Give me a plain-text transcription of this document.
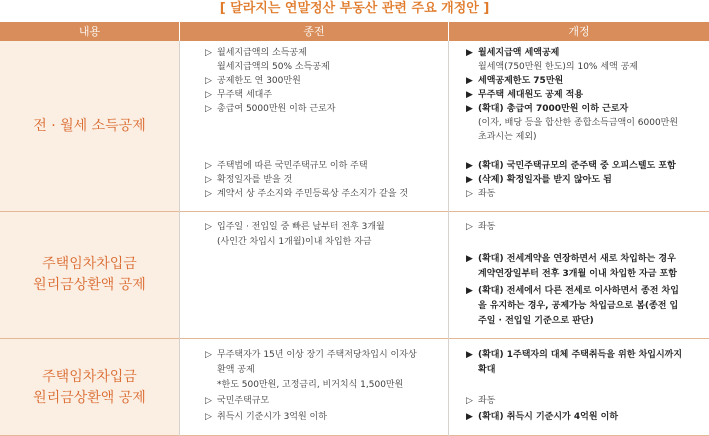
[ 달라지는 연말정산 부동산 관련 주요 개정안 ]
내용	종전	개정
전 · 월세 소득공제
주택임차차입금
원리금상환액 공제
주택임차차입금
원리금상환액 공제
▷ 월세지급액의 소득공제
월세지급액의 50% 소득공제
▷ 공제한도 연 300만원
▷ 무주택 세대주
▷ 총급여 5000만원 이하 근로자
▷ 주택법에 따른 국민주택규모 이하 주택
▷ 확정일자를 받을 것
▷ 계약서 상 주소지와 주민등록상 주소지가 같을 것
▶ 월세지급액 세액공제
월세액(750만원 한도)의 10% 세액 공제
▶ 세액공제한도 75만원
▶ 무주택 세대원도 공제 적용
▶ (확대) 총급여 7000만원 이하 근로자
(이자, 배당 등을 합산한 종합소득금액이 6000만원
초과시는 제외)
▶ (확대) 국민주택규모의 준주택 중 오피스텔도 포함
▶ (삭제) 확정일자를 받지 않아도 됨
▷ 좌동
▷ 입주일 · 전입일 중 빠른 날부터 전후 3개월
(사인간 차입시 1개월)이내 차입한 자금
▷ 좌동
▶ (확대) 전세계약을 연장하면서 새로 차입하는 경우
계약연장일부터 전후 3개월 이내 차입한 자금 포함
▶ (확대) 전세에서 다른 전세로 이사하면서 종전 차입
을 유지하는 경우, 공제가능 차입금으로 봄(종전 입
주일 · 전입일 기준으로 판단)
▷ 무주택자가 15년 이상 장기 주택저당차입시 이자상
환액 공제
*한도 500만원, 고정금리, 비거치식 1,500만원
▷ 국민주택규모
▷ 취득시 기준시가 3억원 이하
▶ (확대) 1주택자의 대체 주택취득을 위한 차입시까지
확대
▷ 좌동
▶ (확대) 취득시 기준시가 4억원 이하
